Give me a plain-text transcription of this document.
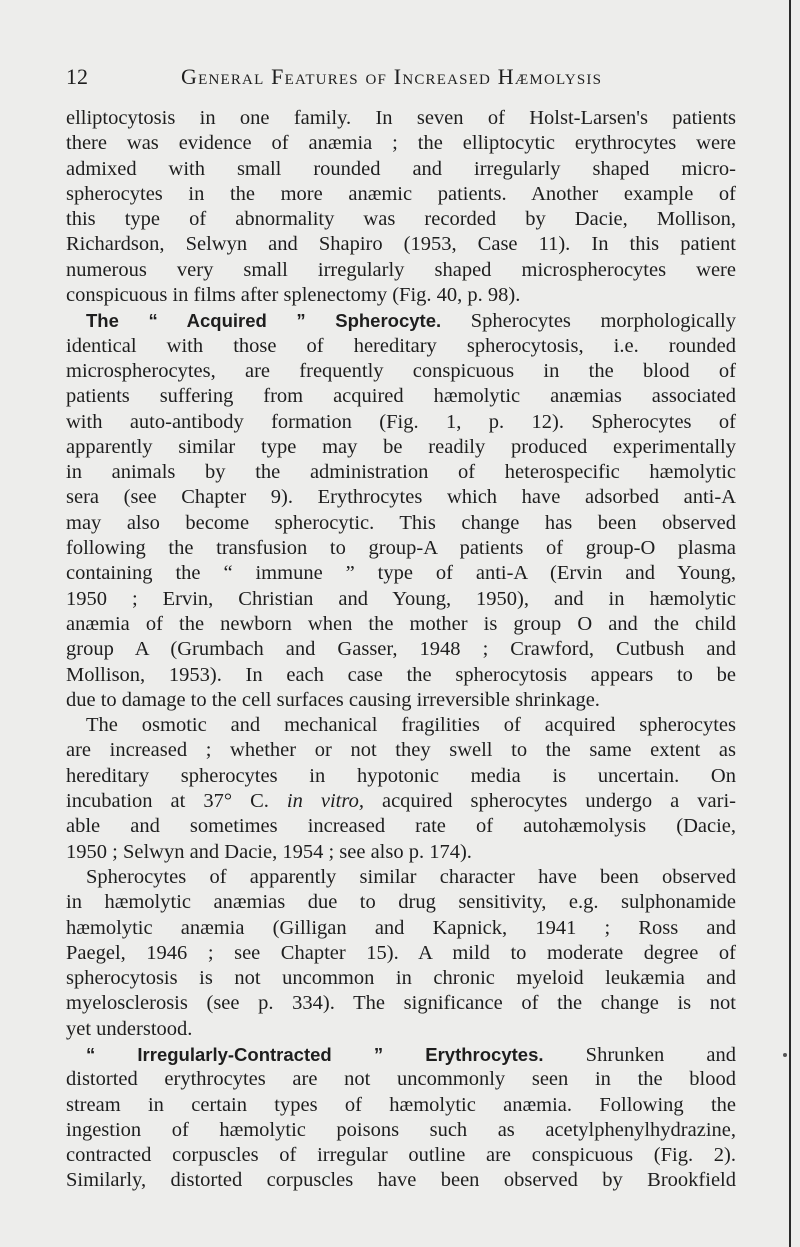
12	General Features of Increased Hæmolysis
elliptocytosis in one family. In seven of Holst-Larsen's patients
there was evidence of anæmia ; the elliptocytic erythrocytes were
admixed with small rounded and irregularly shaped micro-
spherocytes in the more anæmic patients. Another example of
this type of abnormality was recorded by Dacie, Mollison,
Richardson, Selwyn and Shapiro (1953, Case 11). In this patient
numerous very small irregularly shaped microspherocytes were
conspicuous in films after splenectomy (Fig. 40, p. 98).
The “ Acquired ” Spherocyte. Spherocytes morphologically
identical with those of hereditary spherocytosis, i.e. rounded
microspherocytes, are frequently conspicuous in the blood of
patients suffering from acquired hæmolytic anæmias associated
with auto-antibody formation (Fig. 1, p. 12). Spherocytes of
apparently similar type may be readily produced experimentally
in animals by the administration of heterospecific hæmolytic
sera (see Chapter 9). Erythrocytes which have adsorbed anti-A
may also become spherocytic. This change has been observed
following the transfusion to group-A patients of group-O plasma
containing the “ immune ” type of anti-A (Ervin and Young,
1950 ; Ervin, Christian and Young, 1950), and in hæmolytic
anæmia of the newborn when the mother is group O and the child
group A (Grumbach and Gasser, 1948 ; Crawford, Cutbush and
Mollison, 1953). In each case the spherocytosis appears to be
due to damage to the cell surfaces causing irreversible shrinkage.
The osmotic and mechanical fragilities of acquired spherocytes
are increased ; whether or not they swell to the same extent as
hereditary spherocytes in hypotonic media is uncertain. On
incubation at 37° C. in vitro, acquired spherocytes undergo a vari-
able and sometimes increased rate of autohæmolysis (Dacie,
1950 ; Selwyn and Dacie, 1954 ; see also p. 174).
Spherocytes of apparently similar character have been observed
in hæmolytic anæmias due to drug sensitivity, e.g. sulphonamide
hæmolytic anæmia (Gilligan and Kapnick, 1941 ; Ross and
Paegel, 1946 ; see Chapter 15). A mild to moderate degree of
spherocytosis is not uncommon in chronic myeloid leukæmia and
myelosclerosis (see p. 334). The significance of the change is not
yet understood.
“ Irregularly-Contracted ” Erythrocytes. Shrunken and
distorted erythrocytes are not uncommonly seen in the blood
stream in certain types of hæmolytic anæmia. Following the
ingestion of hæmolytic poisons such as acetylphenylhydrazine,
contracted corpuscles of irregular outline are conspicuous (Fig. 2).
Similarly, distorted corpuscles have been observed by Brookfield
